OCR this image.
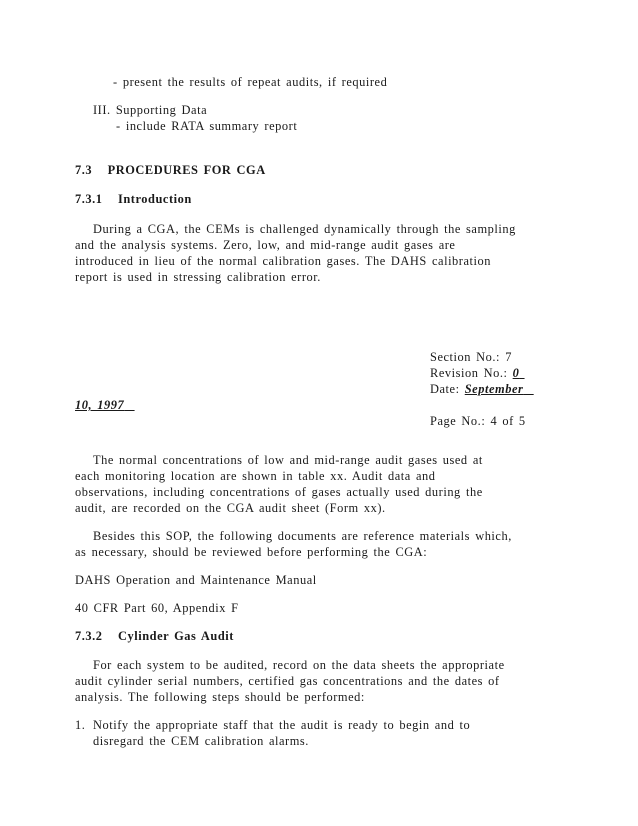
- present the results of repeat audits, if required
III. Supporting Data
- include RATA summary report
7.3 PROCEDURES FOR CGA
7.3.1 Introduction
During a CGA, the CEMs is challenged dynamically through the sampling
and the analysis systems. Zero, low, and mid-range audit gases are
introduced in lieu of the normal calibration gases. The DAHS calibration
report is used in stressing calibration error.
Section No.: 7
Revision No.: 0
Date: September
10, 1997
Page No.: 4 of 5
The normal concentrations of low and mid-range audit gases used at
each monitoring location are shown in table xx. Audit data and
observations, including concentrations of gases actually used during the
audit, are recorded on the CGA audit sheet (Form xx).
Besides this SOP, the following documents are reference materials which,
as necessary, should be reviewed before performing the CGA:
DAHS Operation and Maintenance Manual
40 CFR Part 60, Appendix F
7.3.2 Cylinder Gas Audit
For each system to be audited, record on the data sheets the appropriate
audit cylinder serial numbers, certified gas concentrations and the dates of
analysis. The following steps should be performed:
1. Notify the appropriate staff that the audit is ready to begin and to
disregard the CEM calibration alarms.
